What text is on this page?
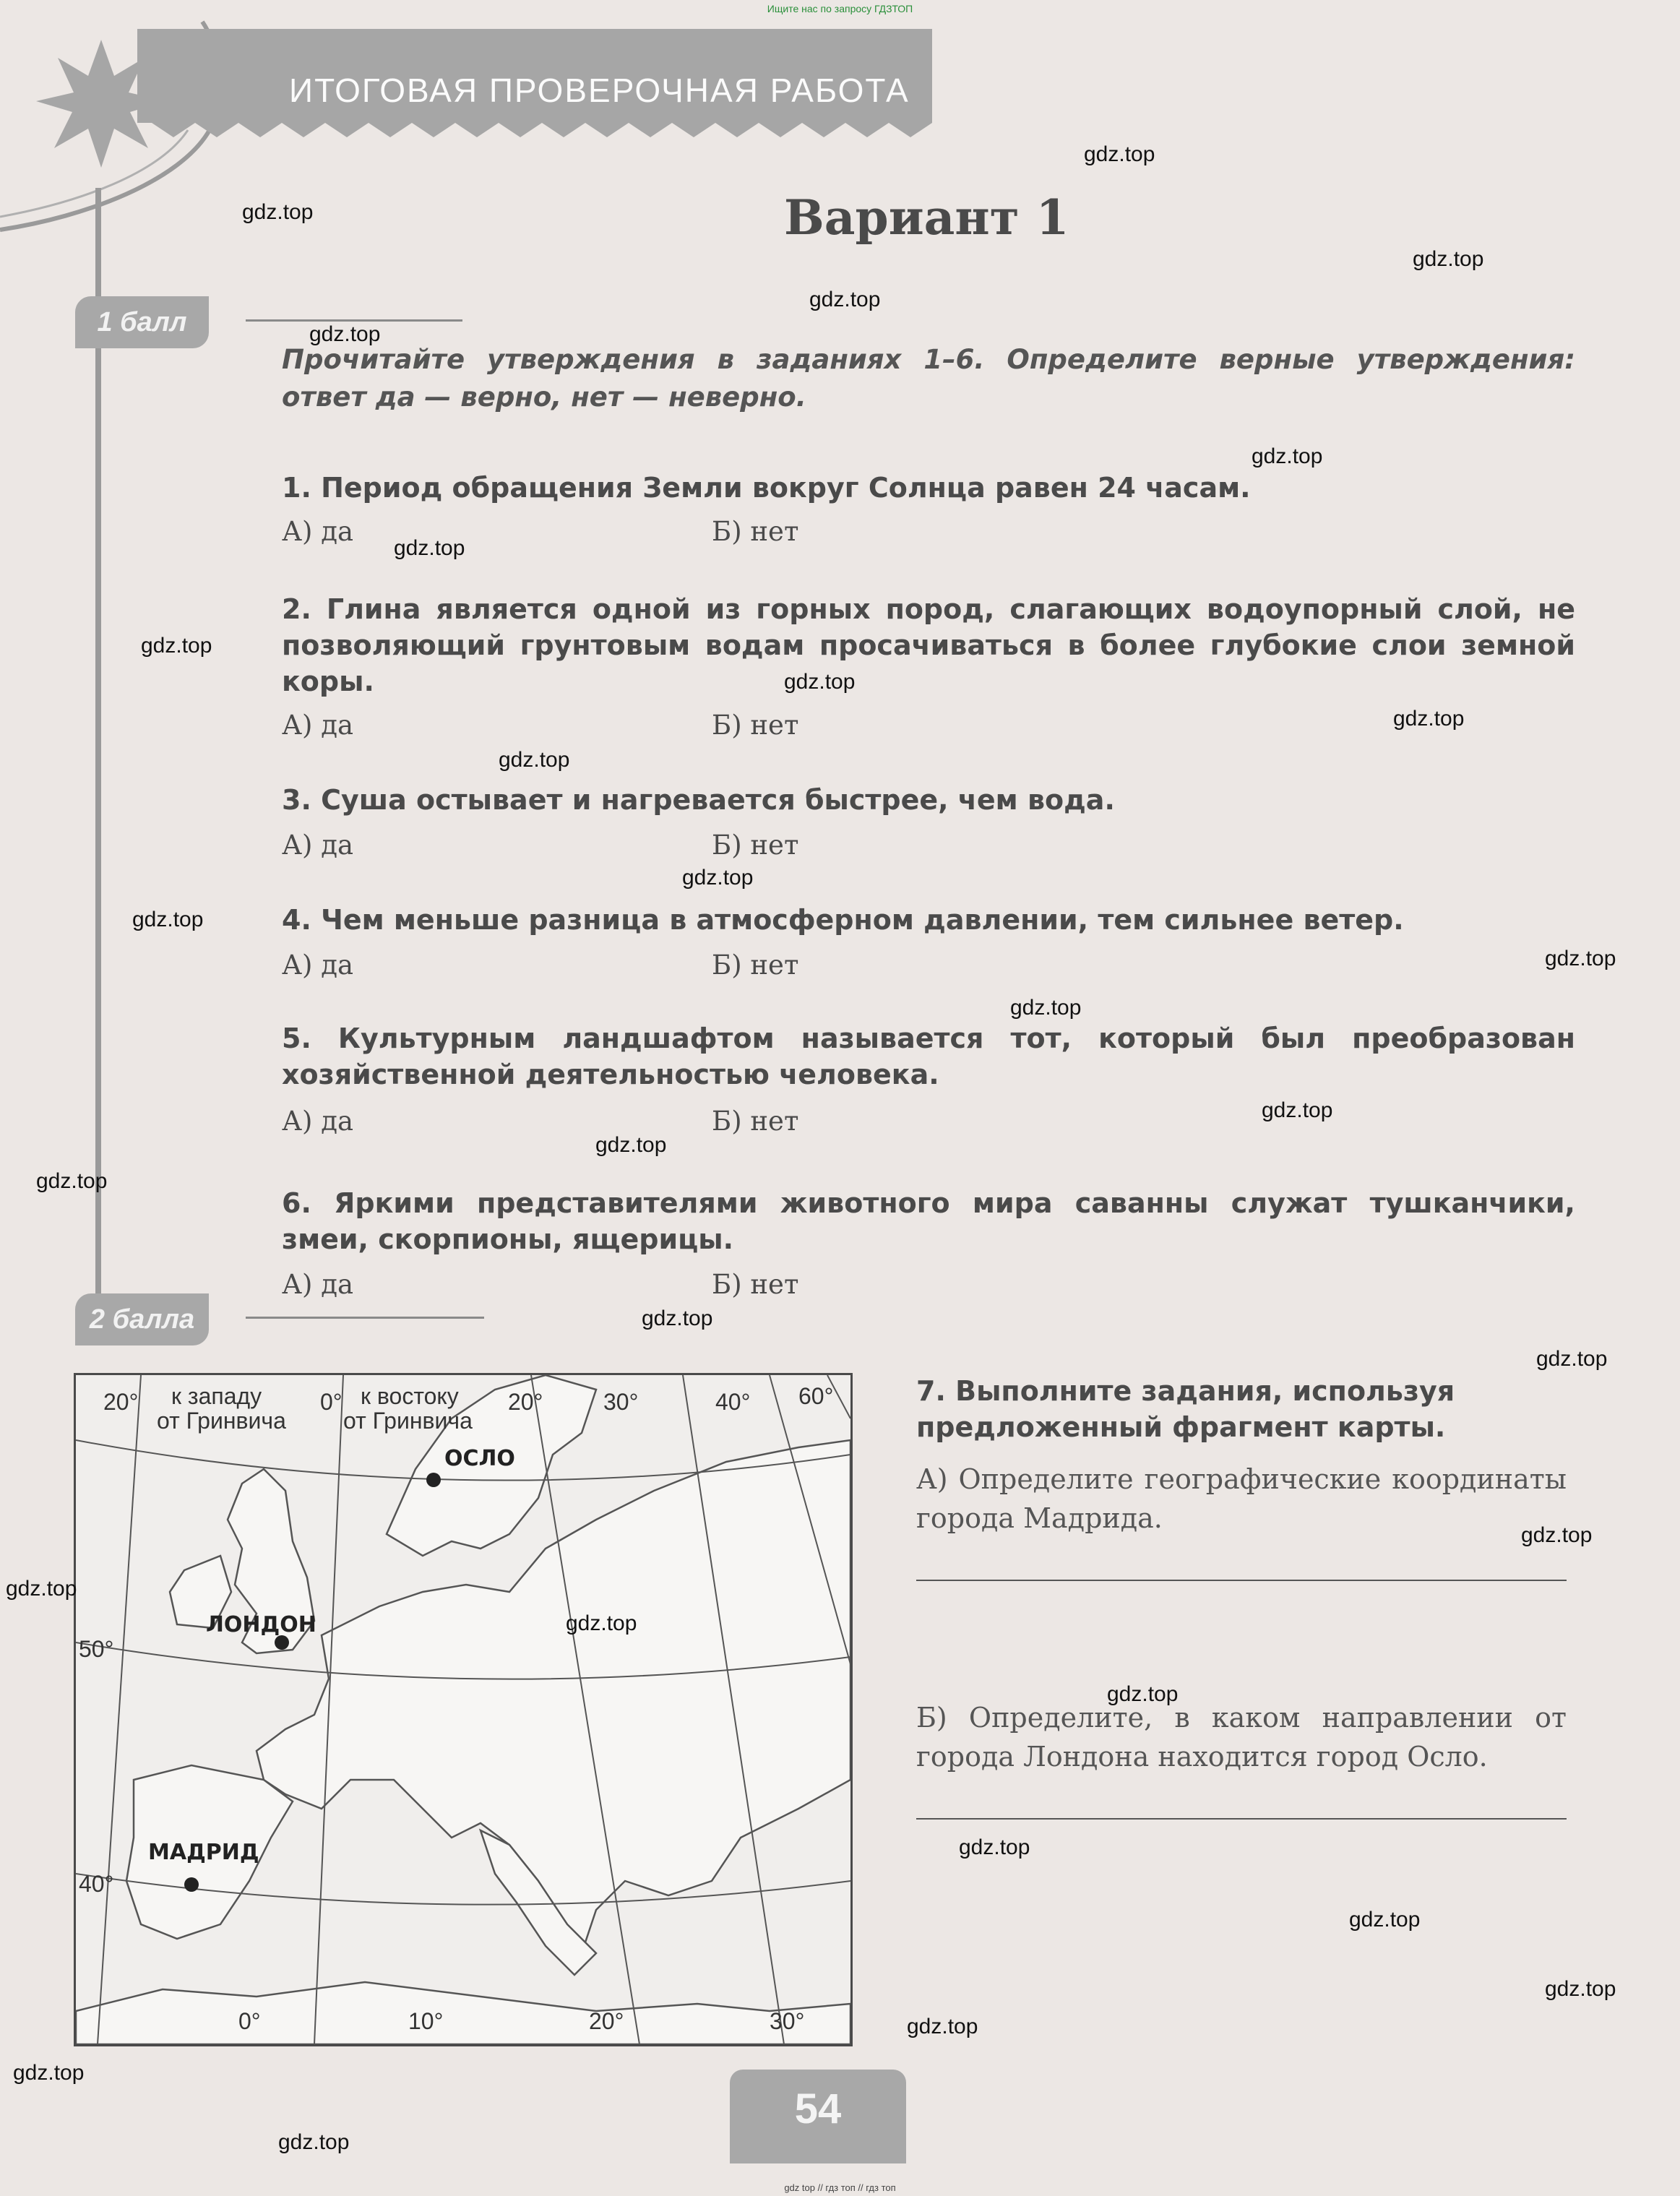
Ищите нас по запросу ГДЗТОП
ИТОГОВАЯ ПРОВЕРОЧНАЯ РАБОТА
Вариант 1
1 балл
Прочитайте утверждения в заданиях 1–6. Определите верные утверждения: ответ да — верно, нет — неверно.
1. Период обращения Земли вокруг Солнца равен 24 часам.
А) да	Б) нет
2. Глина является одной из горных пород, слагающих водоупорный слой, не позволяющий грунтовым водам просачиваться в более глубокие слои земной коры.
А) да	Б) нет
3. Суша остывает и нагревается быстрее, чем вода.
А) да	Б) нет
4. Чем меньше разница в атмосферном давлении, тем сильнее ветер.
А) да	Б) нет
5. Культурным ландшафтом называется тот, который был преобразован хозяйственной деятельностью человека.
А) да	Б) нет
6. Яркими представителями животного мира саванны служат тушканчики, змеи, скорпионы, ящерицы.
А) да	Б) нет
2 балла
20° к западу
от Гринвича
0° к востоку
от Гринвича
20°	30°	40° 60°
50°
40°
0°	10°	20°	30°
ОСЛО
ЛОНДОН
МАДРИД
7. Выполните задания, используя предложенный фрагмент карты.
А) Определите географические координаты города Мадрида.
Б) Определите, в каком направлении от города Лондона находится город Осло.
54
gdz.top
gdz.top
gdz.top
gdz.top
gdz.top
gdz.top
gdz.top
gdz.top
gdz.top
gdz.top
gdz.top
gdz.top
gdz.top
gdz.top
gdz.top
gdz.top
gdz.top
gdz.top
gdz.top
gdz.top
gdz.top
gdz.top
gdz.top
gdz.top
gdz.top
gdz.top
gdz.top
gdz.top
gdz.top
gdz.top
gdz top // гдз топ // гдз топ
